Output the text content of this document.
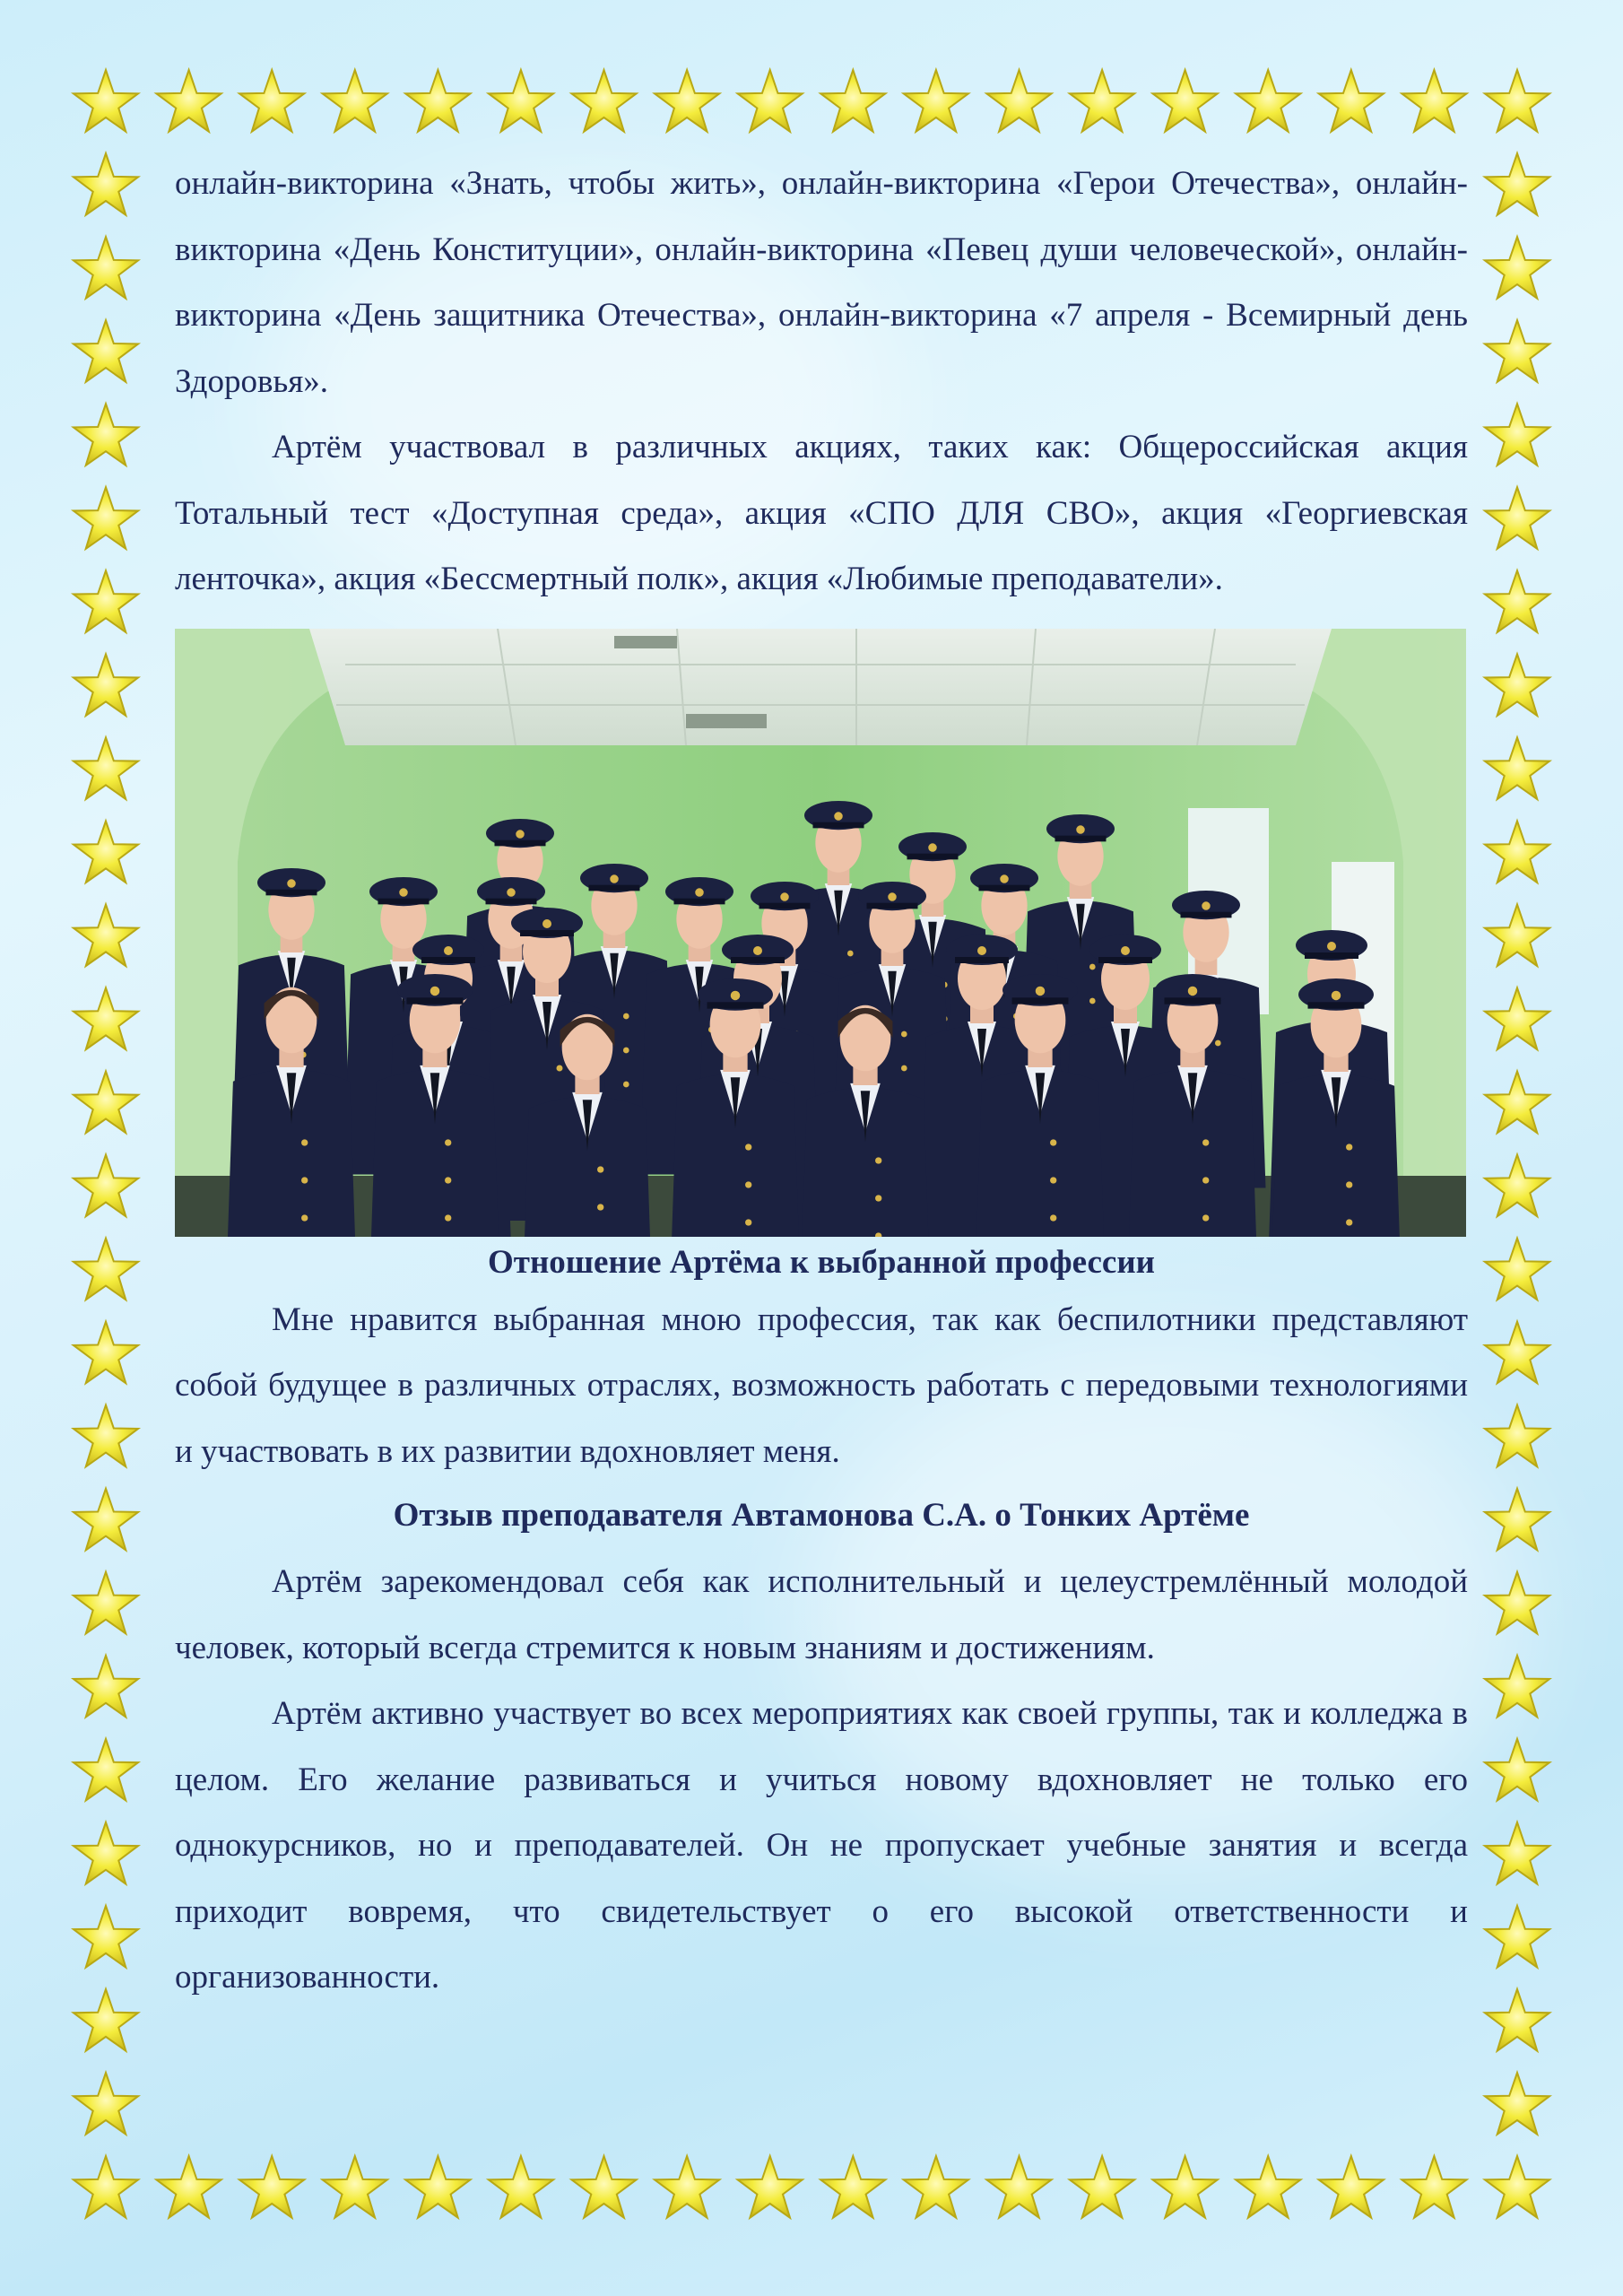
онлайн-викторина «Знать, чтобы жить», онлайн-викторина «Герои Отечества», онлайн-викторина «День Конституции», онлайн-викторина «Певец души человеческой», онлайн-викторина «День защитника Отечества», онлайн-викторина «7 апреля - Всемирный день Здоровья».

Артём участвовал в различных акциях, таких как: Общероссийская акция Тотальный тест «Доступная среда», акция «СПО ДЛЯ СВО», акция «Георгиевская ленточка», акция «Бессмертный полк», акция «Любимые преподаватели».

Отношение Артёма к выбранной профессии

Мне нравится выбранная мною профессия, так как беспилотники представляют собой будущее в различных отраслях, возможность работать с передовыми технологиями и участвовать в их развитии вдохновляет меня.

Отзыв преподавателя Автамонова С.А. о Тонких Артёме

Артём зарекомендовал себя как исполнительный и целеустремлённый молодой человек, который всегда стремится к новым знаниям и достижениям.

Артём активно участвует во всех мероприятиях как своей группы, так и колледжа в целом. Его желание развиваться и учиться новому вдохновляет не только его однокурсников, но и преподавателей. Он не пропускает учебные занятия и всегда приходит вовремя, что свидетельствует о его высокой ответственности и организованности.
